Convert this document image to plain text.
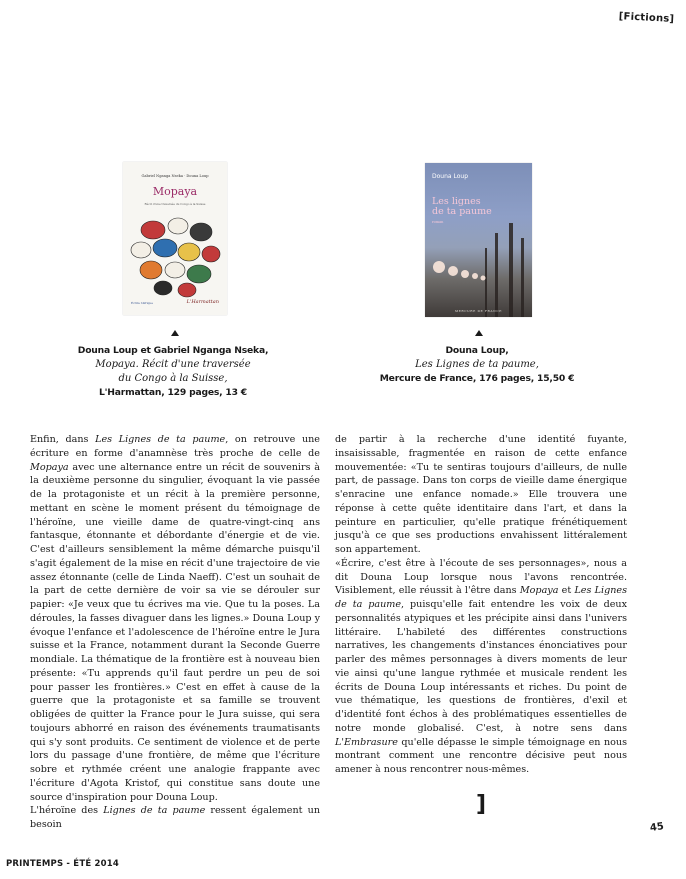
[Fictions]
Gabriel Nganga Nseka · Douna Loup
Mopaya
Récit d'une traversée du Congo à la Suisse
Écrire l'Afrique	L'Harmattan
Douna Loup
Les lignes
de ta paume
roman
MERCURE DE FRANCE
Douna Loup et Gabriel Nganga Nseka,
Mopaya. Récit d'une traversée
du Congo à la Suisse,
L'Harmattan, 129 pages, 13 €
Douna Loup,
Les Lignes de ta paume,
Mercure de France, 176 pages, 15,50 €

Enfin, dans Les Lignes de ta paume, on retrouve une écriture en forme d'anamnèse très proche de celle de Mopaya avec une alternance entre un récit de souvenirs à la deuxième personne du singulier, évoquant la vie passée de la protagoniste et un récit à la première personne, mettant en scène le moment présent du témoignage de l'héroïne, une vieille dame de quatre-vingt-cinq ans fantasque, étonnante et débordante d'énergie et de vie. C'est d'ailleurs sensiblement la même démarche puisqu'il s'agit également de la mise en récit d'une trajectoire de vie assez étonnante (celle de Linda Naeff). C'est un souhait de la part de cette dernière de voir sa vie se dérouler sur papier: «Je veux que tu écrives ma vie. Que tu la poses. La déroules, la fasses divaguer dans les lignes.» Douna Loup y évoque l'enfance et l'adolescence de l'héroïne entre le Jura suisse et la France, notamment durant la Seconde Guerre mondiale. La thématique de la frontière est à nouveau bien présente: «Tu apprends qu'il faut perdre un peu de soi pour passer les frontières.» C'est en effet à cause de la guerre que la protagoniste et sa famille se trouvent obligées de quitter la France pour le Jura suisse, qui sera toujours abhorré en raison des événements traumatisants qui s'y sont produits. Ce sentiment de violence et de perte lors du passage d'une frontière, de même que l'écriture sobre et rythmée créent une analogie frappante avec l'écriture d'Agota Kristof, qui constitue sans doute une source d'inspiration pour Douna Loup.

L'héroïne des Lignes de ta paume ressent également un besoin

de partir à la recherche d'une identité fuyante, insaisissable, fragmentée en raison de cette enfance mouvementée: «Tu te sentiras toujours d'ailleurs, de nulle part, de passage. Dans ton corps de vieille dame énergique s'enracine une enfance nomade.» Elle trouvera une réponse à cette quête identitaire dans l'art, et dans la peinture en particulier, qu'elle pratique frénétiquement jusqu'à ce que ses productions envahissent littéralement son appartement.

«Écrire, c'est être à l'écoute de ses personnages», nous a dit Douna Loup lorsque nous l'avons rencontrée. Visiblement, elle réussit à l'être dans Mopaya et Les Lignes de ta paume, puisqu'elle fait entendre les voix de deux personnalités atypiques et les précipite ainsi dans l'univers littéraire. L'habileté des différentes constructions narratives, les changements d'instances énonciatives pour parler des mêmes personnages à divers moments de leur vie ainsi qu'une langue rythmée et musicale rendent les écrits de Douna Loup intéressants et riches. Du point de vue thématique, les questions de frontières, d'exil et d'identité font échos à des problématiques essentielles de notre monde globalisé. C'est, à notre sens dans L'Embrasure qu'elle dépasse le simple témoignage en nous montrant comment une rencontre décisive peut nous amener à nous rencontrer nous-mêmes.

]
45
PRINTEMPS - ÉTÉ 2014
